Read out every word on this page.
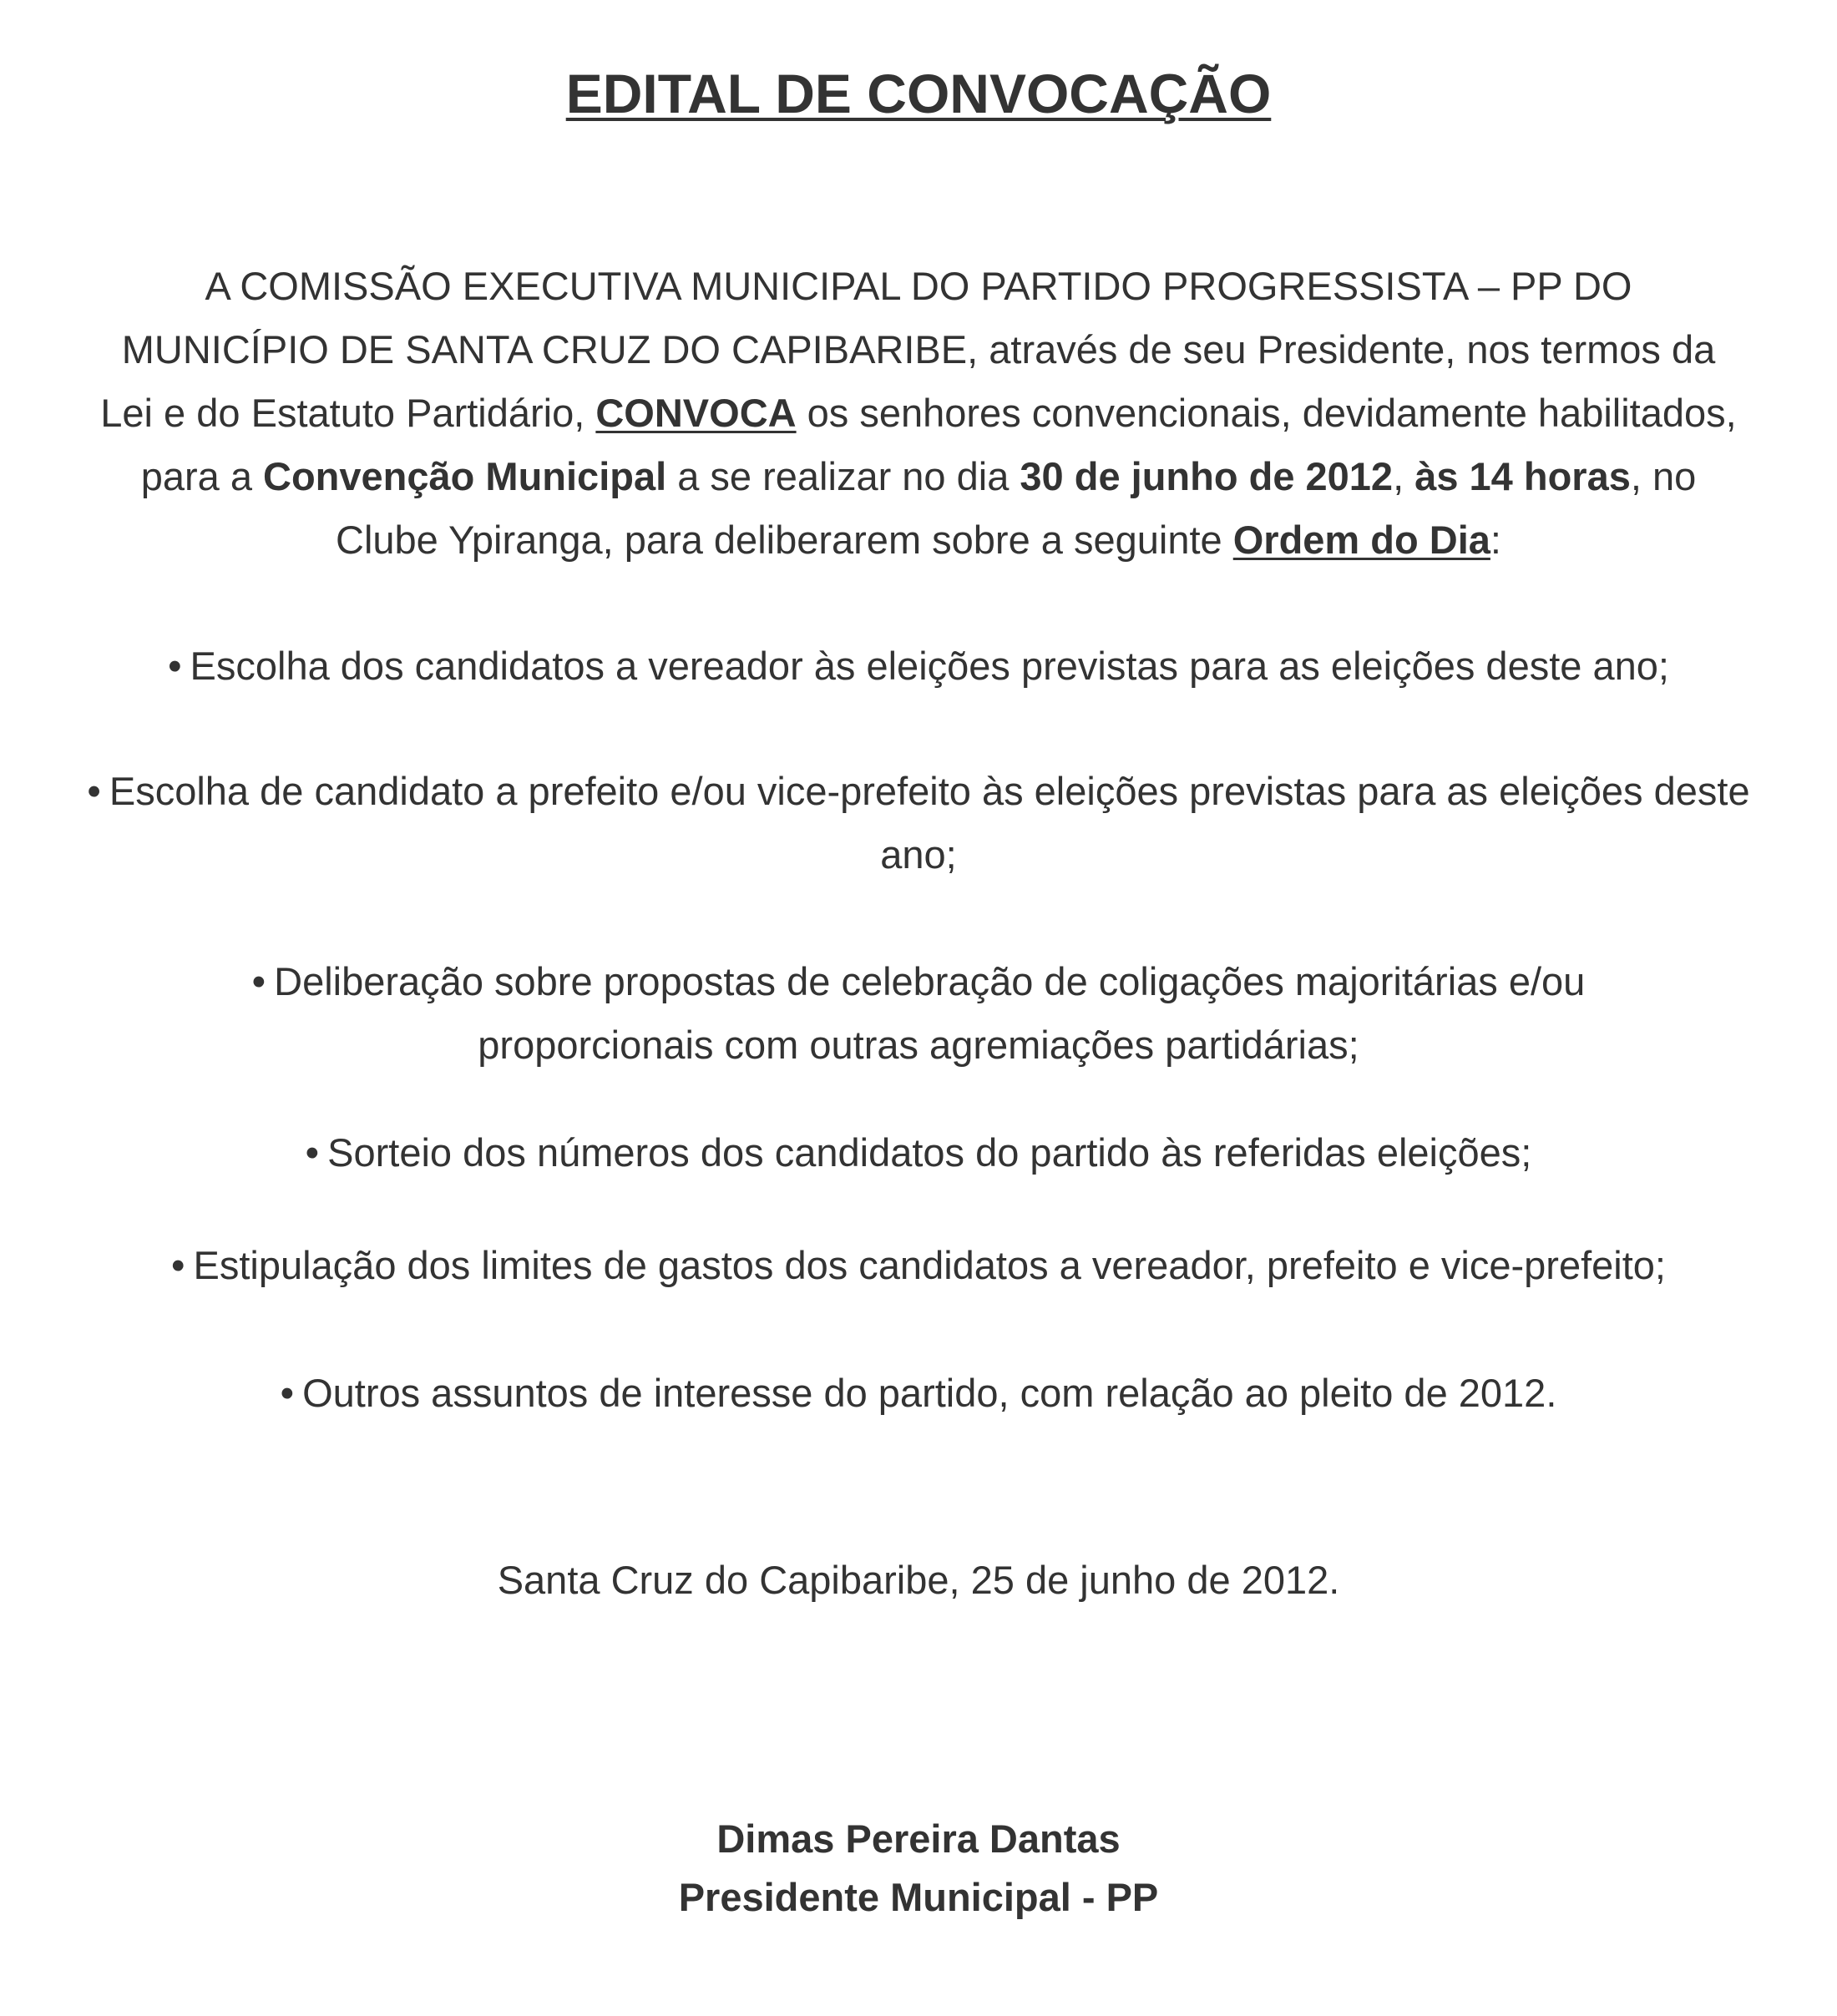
EDITAL DE CONVOCAÇÃO

A COMISSÃO EXECUTIVA MUNICIPAL DO PARTIDO PROGRESSISTA – PP DO MUNICÍPIO DE SANTA CRUZ DO CAPIBARIBE, através de seu Presidente, nos termos da Lei e do Estatuto Partidário, CONVOCA os senhores convencionais, devidamente habilitados, para a Convenção Municipal a se realizar no dia 30 de junho de 2012, às 14 horas, no Clube Ypiranga, para deliberarem sobre a seguinte Ordem do Dia:

• Escolha dos candidatos a vereador às eleições previstas para as eleições deste ano;

• Escolha de candidato a prefeito e/ou vice-prefeito às eleições previstas para as eleições deste ano;

• Deliberação sobre propostas de celebração de coligações majoritárias e/ou proporcionais com outras agremiações partidárias;

• Sorteio dos números dos candidatos do partido às referidas eleições;

• Estipulação dos limites de gastos dos candidatos a vereador, prefeito e vice-prefeito;

• Outros assuntos de interesse do partido, com relação ao pleito de 2012.

Santa Cruz do Capibaribe, 25 de junho de 2012.

Dimas Pereira Dantas

Presidente Municipal - PP
